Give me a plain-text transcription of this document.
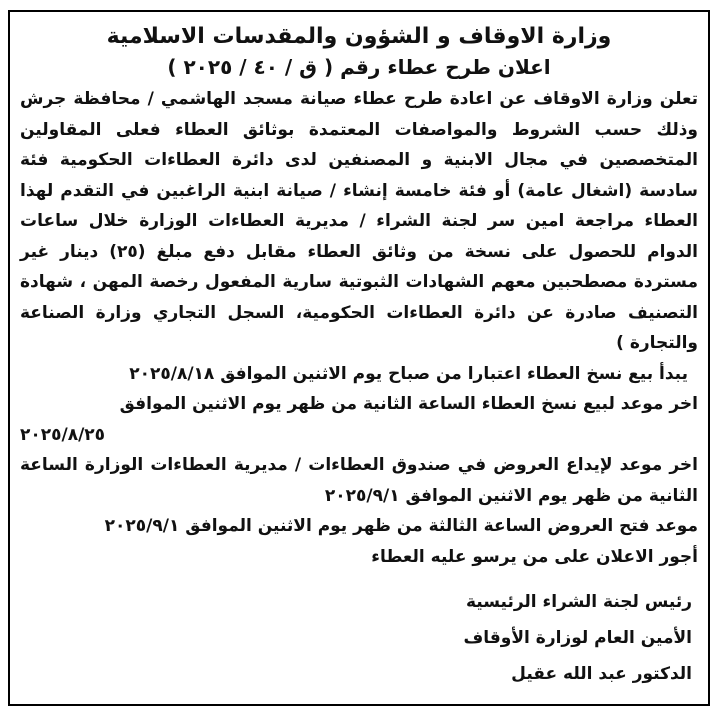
وزارة الاوقاف و الشؤون والمقدسات الاسلامية

اعلان طرح عطاء رقم ( ق / ٤٠ / ٢٠٢٥ )

تعلن وزارة الاوقاف عن اعادة طرح عطاء صيانة مسجد الهاشمي / محافظة جرش وذلك حسب الشروط والمواصفات المعتمدة بوثائق العطاء فعلى المقاولين المتخصصين في مجال الابنية و المصنفين لدى دائرة العطاءات الحكومية فئة سادسة (اشغال عامة) أو فئة خامسة إنشاء / صيانة ابنية الراغبين في التقدم لهذا العطاء مراجعة امين سر لجنة الشراء / مديرية العطاءات الوزارة خلال ساعات الدوام للحصول على نسخة من وثائق العطاء مقابل دفع مبلغ (٢٥) دينار غير مستردة مصطحبين معهم الشهادات الثبوتية سارية المفعول رخصة المهن ، شهادة التصنيف صادرة عن دائرة العطاءات الحكومية، السجل التجاري وزارة الصناعة والتجارة )

يبدأ بيع نسخ العطاء اعتبارا من صباح يوم الاثنين الموافق ٢٠٢٥/٨/١٨

اخر موعد لبيع نسخ العطاء الساعة الثانية من ظهر يوم الاثنين الموافق

٢٠٢٥/٨/٢٥

اخر موعد لإيداع العروض في صندوق العطاءات / مديرية العطاءات الوزارة الساعة الثانية من ظهر يوم الاثنين الموافق ٢٠٢٥/٩/١

موعد فتح العروض الساعة الثالثة من ظهر يوم الاثنين الموافق ٢٠٢٥/٩/١

أجور الاعلان على من يرسو عليه العطاء

رئيس لجنة الشراء الرئيسية

الأمين العام لوزارة الأوقاف

الدكتور عبد الله عقيل
